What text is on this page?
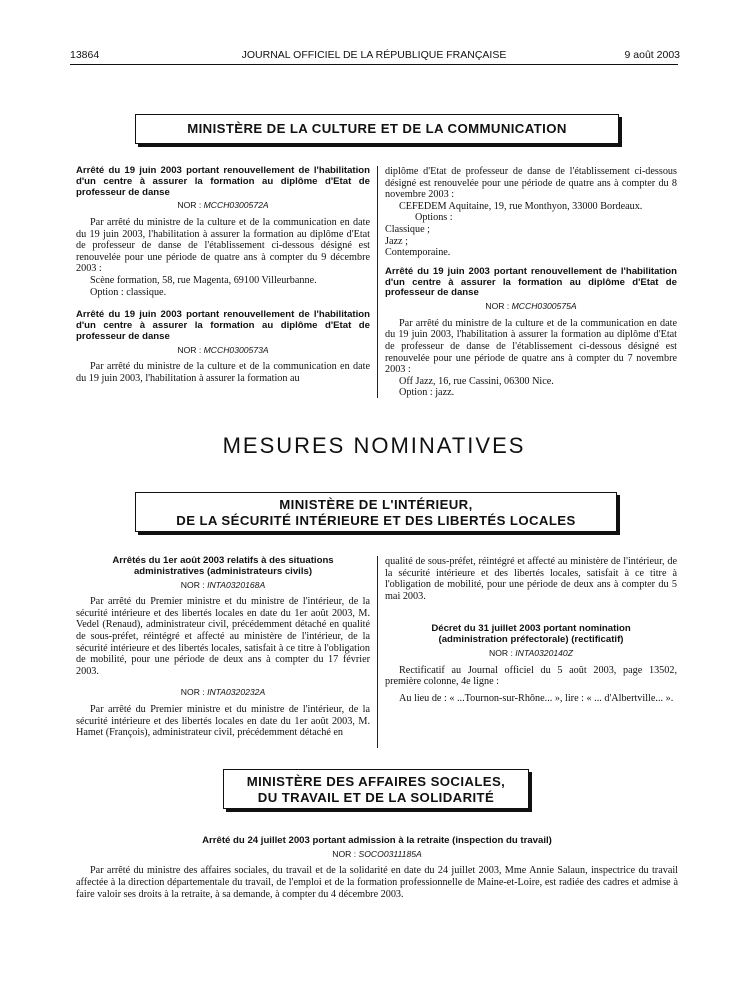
13864	JOURNAL OFFICIEL DE LA RÉPUBLIQUE FRANÇAISE	9 août 2003
MINISTÈRE DE LA CULTURE ET DE LA COMMUNICATION

Arrêté du 19 juin 2003 portant renouvellement de l'habilitation d'un centre à assurer la formation au diplôme d'Etat de professeur de danse

NOR : MCCH0300572A

Par arrêté du ministre de la culture et de la communication en date du 19 juin 2003, l'habilitation à assurer la formation au diplôme d'Etat de professeur de danse de l'établissement ci-dessous désigné est renouvelée pour une période de quatre ans à compter du 9 décembre 2003 :

Scène formation, 58, rue Magenta, 69100 Villeurbanne.

Option : classique.

Arrêté du 19 juin 2003 portant renouvellement de l'habilitation d'un centre à assurer la formation au diplôme d'Etat de professeur de danse

NOR : MCCH0300573A

Par arrêté du ministre de la culture et de la communication en date du 19 juin 2003, l'habilitation à assurer la formation au

diplôme d'Etat de professeur de danse de l'établissement ci-dessous désigné est renouvelée pour une période de quatre ans à compter du 8 novembre 2003 :

CEFEDEM Aquitaine, 19, rue Monthyon, 33000 Bordeaux.

Options :

Classique ;

Jazz ;

Contemporaine.

Arrêté du 19 juin 2003 portant renouvellement de l'habilitation d'un centre à assurer la formation au diplôme d'Etat de professeur de danse

NOR : MCCH0300575A

Par arrêté du ministre de la culture et de la communication en date du 19 juin 2003, l'habilitation à assurer la formation au diplôme d'Etat de professeur de danse de l'établissement ci-dessous désigné est renouvelée pour une période de quatre ans à compter du 7 novembre 2003 :

Off Jazz, 16, rue Cassini, 06300 Nice.

Option : jazz.

MESURES NOMINATIVES
MINISTÈRE DE L'INTÉRIEUR,
DE LA SÉCURITÉ INTÉRIEURE ET DES LIBERTÉS LOCALES

Arrêtés du 1er août 2003 relatifs à des situations

administratives (administrateurs civils)

NOR : INTA0320168A

Par arrêté du Premier ministre et du ministre de l'intérieur, de la sécurité intérieure et des libertés locales en date du 1er août 2003, M. Vedel (Renaud), administrateur civil, précédemment détaché en qualité de sous-préfet, réintégré et affecté au ministère de l'intérieur, de la sécurité intérieure et des libertés locales, satisfait à ce titre à l'obligation de mobilité, pour une période de deux ans à compter du 17 février 2003.

NOR : INTA0320232A

Par arrêté du Premier ministre et du ministre de l'intérieur, de la sécurité intérieure et des libertés locales en date du 1er août 2003, M. Hamet (François), administrateur civil, précédemment détaché en

qualité de sous-préfet, réintégré et affecté au ministère de l'intérieur, de la sécurité intérieure et des libertés locales, satisfait à ce titre à l'obligation de mobilité, pour une période de deux ans à compter du 5 mai 2003.

Décret du 31 juillet 2003 portant nomination

(administration préfectorale) (rectificatif)

NOR : INTA0320140Z

Rectificatif au Journal officiel du 5 août 2003, page 13502, première colonne, 4e ligne :

Au lieu de : « ...Tournon-sur-Rhône... », lire : « ... d'Albertville... ».

MINISTÈRE DES AFFAIRES SOCIALES,
DU TRAVAIL ET DE LA SOLIDARITÉ

Arrêté du 24 juillet 2003 portant admission à la retraite (inspection du travail)

NOR : SOCO0311185A

Par arrêté du ministre des affaires sociales, du travail et de la solidarité en date du 24 juillet 2003, Mme Annie Salaun, inspectrice du travail affectée à la direction départementale du travail, de l'emploi et de la formation professionnelle de Maine-et-Loire, est radiée des cadres et admise à faire valoir ses droits à la retraite, à sa demande, à compter du 4 décembre 2003.
